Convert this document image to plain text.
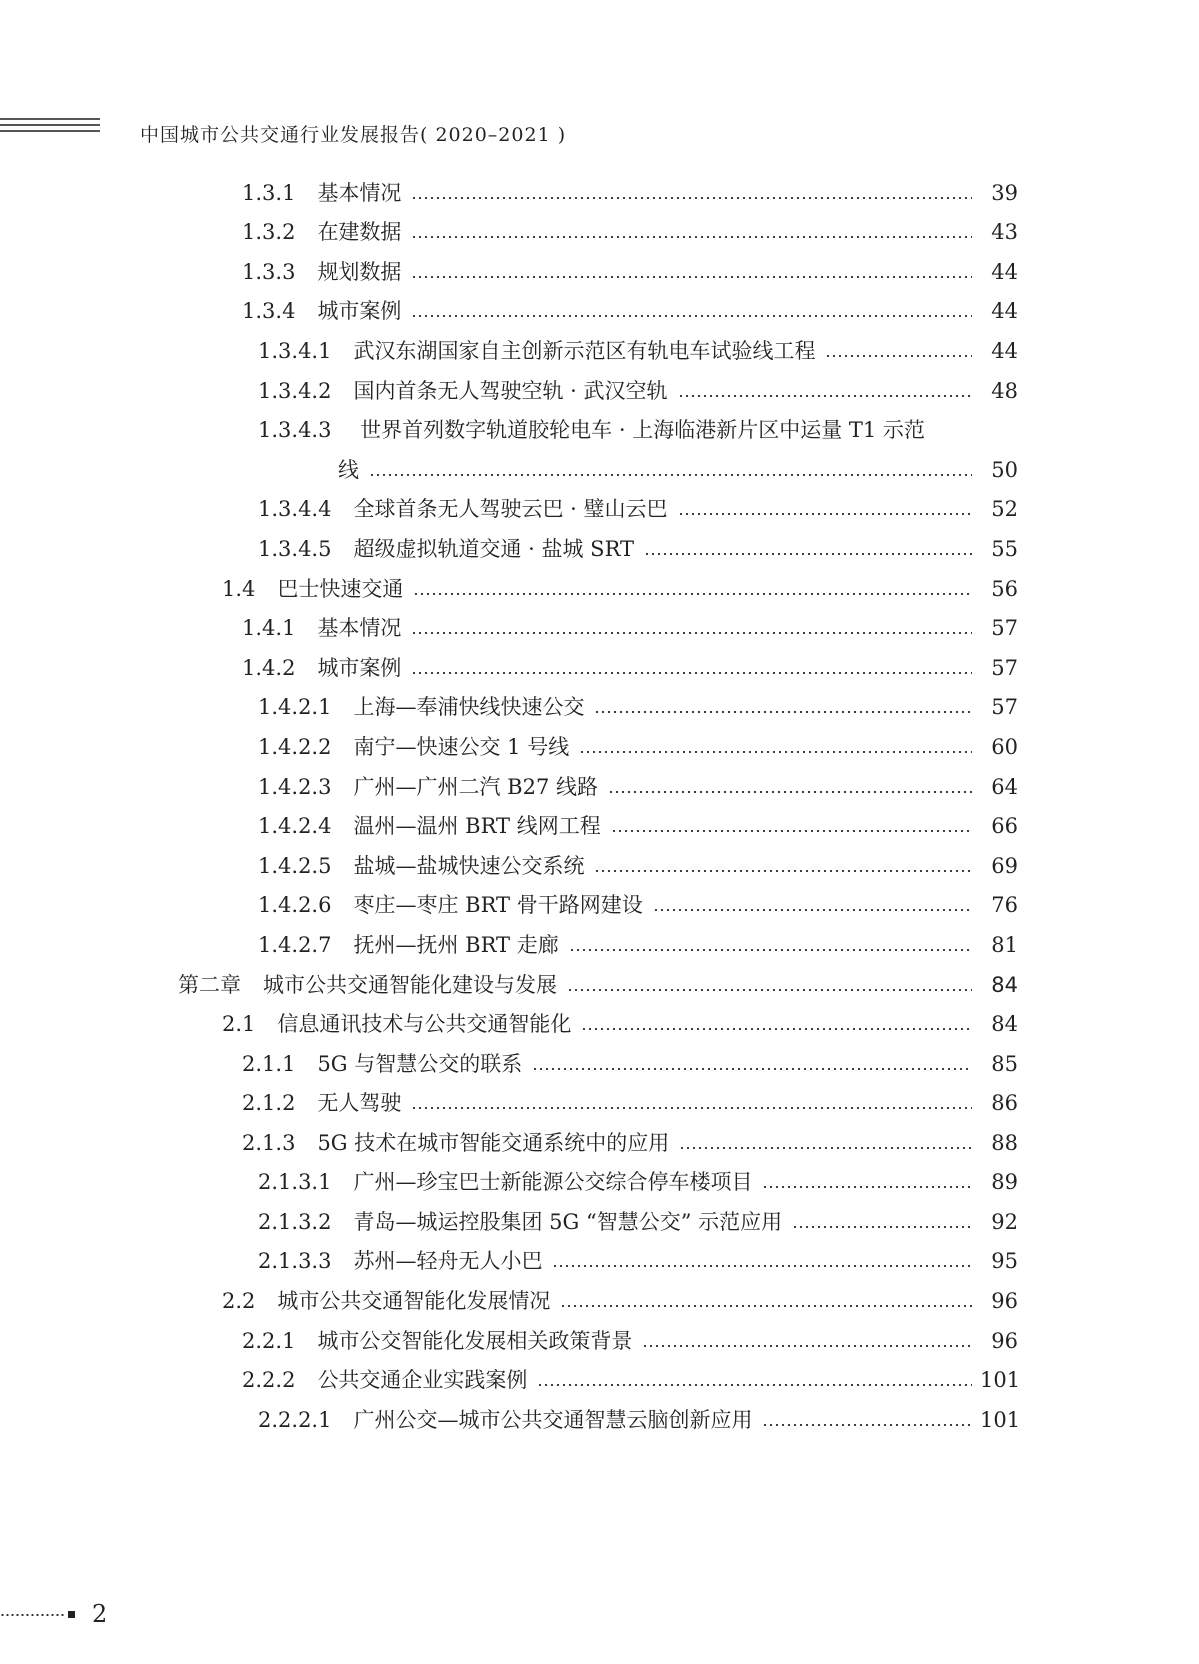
中国城市公共交通行业发展报告( 2020–2021 )
1.3.1 基本情况	39
1.3.2 在建数据	43
1.3.3 规划数据	44
1.3.4 城市案例	44
1.3.4.1 武汉东湖国家自主创新示范区有轨电车试验线工程	44
1.3.4.2 国内首条无人驾驶空轨 · 武汉空轨	48
1.3.4.3 世界首列数字轨道胶轮电车 · 上海临港新片区中运量 T1 示范
线	50
1.3.4.4 全球首条无人驾驶云巴 · 璧山云巴	52
1.3.4.5 超级虚拟轨道交通 · 盐城 SRT	55
1.4 巴士快速交通	56
1.4.1 基本情况	57
1.4.2 城市案例	57
1.4.2.1 上海—奉浦快线快速公交	57
1.4.2.2 南宁—快速公交 1 号线	60
1.4.2.3 广州—广州二汽 B27 线路	64
1.4.2.4 温州—温州 BRT 线网工程	66
1.4.2.5 盐城—盐城快速公交系统	69
1.4.2.6 枣庄—枣庄 BRT 骨干路网建设	76
1.4.2.7 抚州—抚州 BRT 走廊	81
第二章 城市公共交通智能化建设与发展	84
2.1 信息通讯技术与公共交通智能化	84
2.1.1 5G 与智慧公交的联系	85
2.1.2 无人驾驶	86
2.1.3 5G 技术在城市智能交通系统中的应用	88
2.1.3.1 广州—珍宝巴士新能源公交综合停车楼项目	89
2.1.3.2 青岛—城运控股集团 5G “智慧公交” 示范应用	92
2.1.3.3 苏州—轻舟无人小巴	95
2.2 城市公共交通智能化发展情况	96
2.2.1 城市公交智能化发展相关政策背景	96
2.2.2 公共交通企业实践案例	101
2.2.2.1 广州公交—城市公共交通智慧云脑创新应用	101
2
